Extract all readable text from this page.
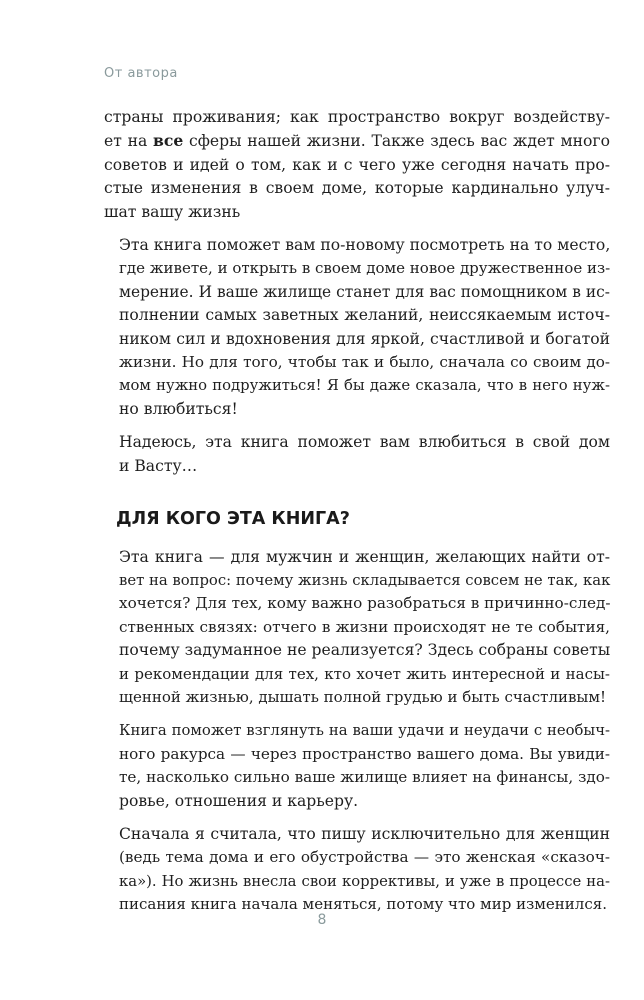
От автора

страны проживания; как пространство вокруг воздейству-
ет на все сферы нашей жизни. Также здесь вас ждет много
советов и идей о том, как и с чего уже сегодня начать про-
стые изменения в своем доме, которые кардинально улуч-
шат вашу жизнь

Эта книга поможет вам по-новому посмотреть на то место,
где живете, и открыть в своем доме новое дружественное из-
мерение. И ваше жилище станет для вас помощником в ис-
полнении самых заветных желаний, неиссякаемым источ-
ником сил и вдохновения для яркой, счастливой и богатой
жизни. Но для того, чтобы так и было, сначала со своим до-
мом нужно подружиться! Я бы даже сказала, что в него нуж-
но влюбиться!

Надеюсь, эта книга поможет вам влюбиться в свой дом
и Васту…

ДЛЯ КОГО ЭТА КНИГА?

Эта книга — для мужчин и женщин, желающих найти от-
вет на вопрос: почему жизнь складывается совсем не так, как
хочется? Для тех, кому важно разобраться в причинно-след-
ственных связях: отчего в жизни происходят не те события,
почему задуманное не реализуется? Здесь собраны советы
и рекомендации для тех, кто хочет жить интересной и насы-
щенной жизнью, дышать полной грудью и быть счастливым!

Книга поможет взглянуть на ваши удачи и неудачи с необыч-
ного ракурса — через пространство вашего дома. Вы увиди-
те, насколько сильно ваше жилище влияет на финансы, здо-
ровье, отношения и карьеру.

Сначала я считала, что пишу исключительно для женщин
(ведь тема дома и его обустройства — это женская «сказоч-
ка»). Но жизнь внесла свои коррективы, и уже в процессе на-
писания книга начала меняться, потому что мир изменился.

8
